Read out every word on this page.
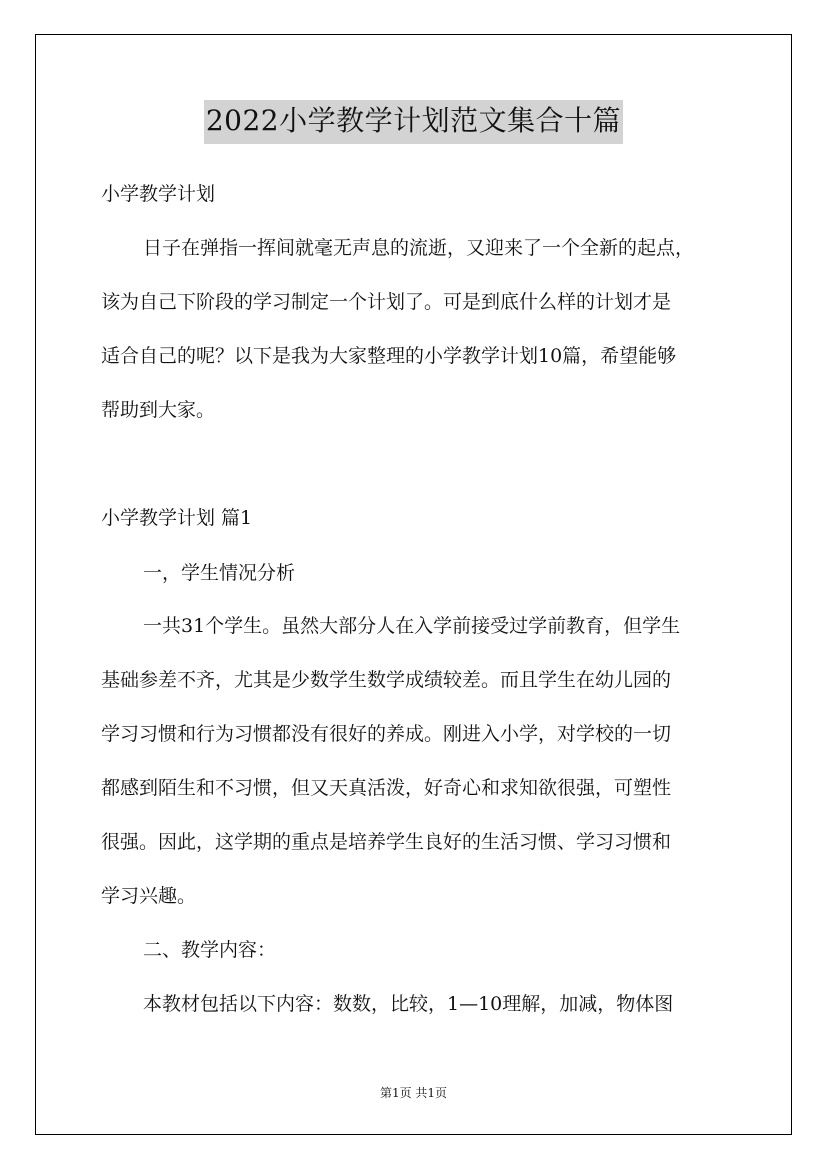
2022小学教学计划范文集合十篇
小学教学计划
日子在弹指一挥间就毫无声息的流逝，又迎来了一个全新的起点，
该为自己下阶段的学习制定一个计划了。可是到底什么样的计划才是
适合自己的呢？以下是我为大家整理的小学教学计划10篇，希望能够
帮助到大家。
小学教学计划 篇1
一，学生情况分析
一共31个学生。虽然大部分人在入学前接受过学前教育，但学生
基础参差不齐，尤其是少数学生数学成绩较差。而且学生在幼儿园的
学习习惯和行为习惯都没有很好的养成。刚进入小学，对学校的一切
都感到陌生和不习惯，但又天真活泼，好奇心和求知欲很强，可塑性
很强。因此，这学期的重点是培养学生良好的生活习惯、学习习惯和
学习兴趣。
二、教学内容：
本教材包括以下内容：数数，比较，1—10理解，加减，物体图
第1页 共1页
